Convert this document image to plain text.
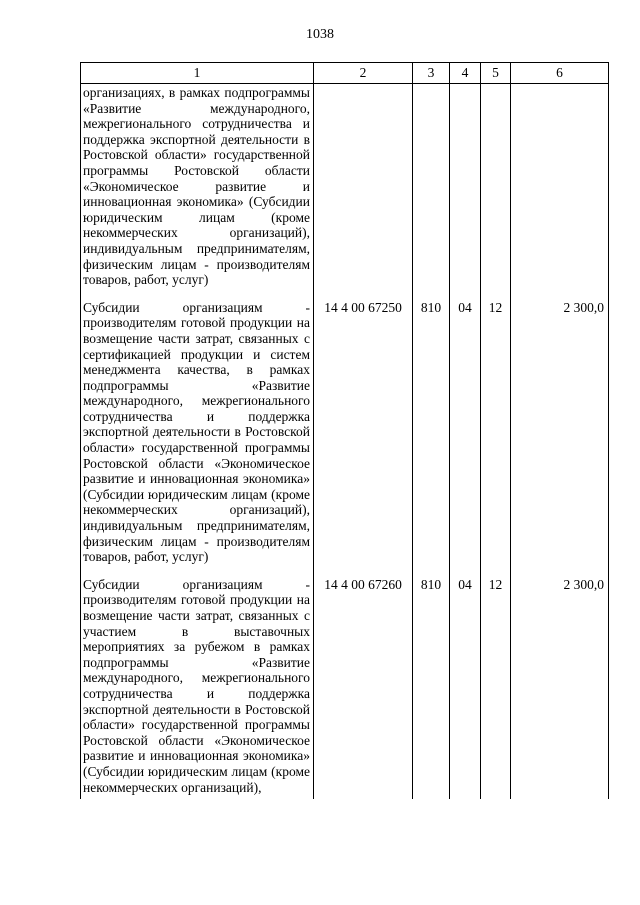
1038
1	2	3	4	5	6
организациях, в рамках подпрограммы «Развитие международного, межрегионального сотрудничества и поддержка экспортной деятельности в Ростовской области» государственной программы Ростовской области «Экономическое развитие и инновационная экономика» (Субсидии юридическим лицам (кроме некоммерческих организаций), индивидуальным предпринимателям, физическим лицам - производителям товаров, работ, услуг)					
Субсидии организациям - производителям готовой продукции на возмещение части затрат, связанных с сертификацией продукции и систем менеджмента качества, в рамках подпрограммы «Развитие международного, межрегионального сотрудничества и поддержка экспортной деятельности в Ростовской области» государственной программы Ростовской области «Экономическое развитие и инновационная экономика» (Субсидии юридическим лицам (кроме некоммерческих организаций), индивидуальным предпринимателям, физическим лицам - производителям товаров, работ, услуг)	14 4 00 67250	810	04	12	2 300,0
Субсидии организациям - производителям готовой продукции на возмещение части затрат, связанных с участием в выставочных мероприятиях за рубежом в рамках подпрограммы «Развитие международного, межрегионального сотрудничества и поддержка экспортной деятельности в Ростовской области» государственной программы Ростовской области «Экономическое развитие и инновационная экономика» (Субсидии юридическим лицам (кроме некоммерческих организаций),	14 4 00 67260	810	04	12	2 300,0
